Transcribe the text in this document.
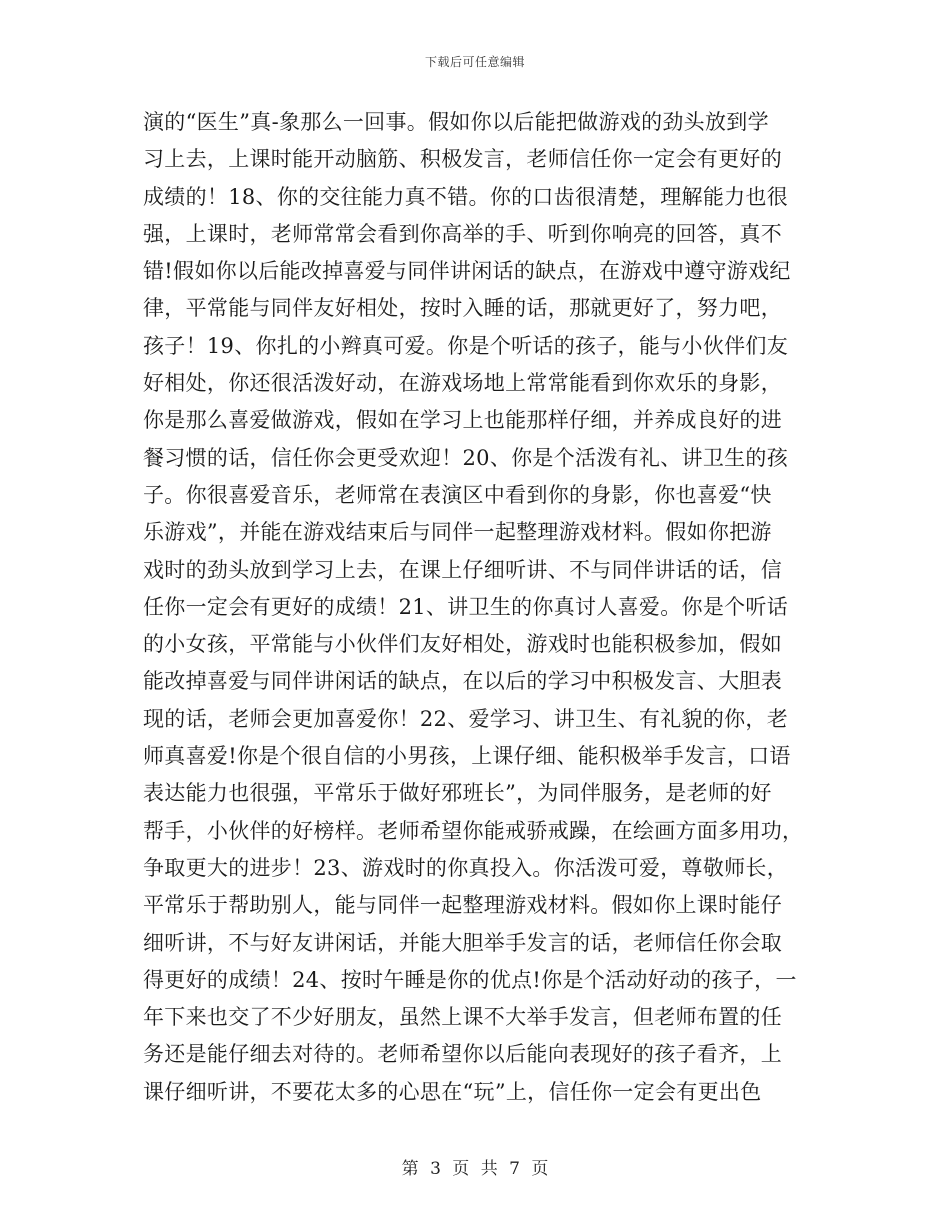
下载后可任意编辑
演的“医生”真-象那么一回事。假如你以后能把做游戏的劲头放到学
习上去，上课时能开动脑筋、积极发言，老师信任你一定会有更好的
成绩的！18、你的交往能力真不错。你的口齿很清楚，理解能力也很
强，上课时，老师常常会看到你高举的手、听到你响亮的回答，真不
错!假如你以后能改掉喜爱与同伴讲闲话的缺点，在游戏中遵守游戏纪
律，平常能与同伴友好相处，按时入睡的话，那就更好了，努力吧，
孩子！19、你扎的小辫真可爱。你是个听话的孩子，能与小伙伴们友
好相处，你还很活泼好动，在游戏场地上常常能看到你欢乐的身影，
你是那么喜爱做游戏，假如在学习上也能那样仔细，并养成良好的进
餐习惯的话，信任你会更受欢迎！20、你是个活泼有礼、讲卫生的孩
子。你很喜爱音乐，老师常在表演区中看到你的身影，你也喜爱“快
乐游戏”，并能在游戏结束后与同伴一起整理游戏材料。假如你把游
戏时的劲头放到学习上去，在课上仔细听讲、不与同伴讲话的话，信
任你一定会有更好的成绩！21、讲卫生的你真讨人喜爱。你是个听话
的小女孩，平常能与小伙伴们友好相处，游戏时也能积极参加，假如
能改掉喜爱与同伴讲闲话的缺点，在以后的学习中积极发言、大胆表
现的话，老师会更加喜爱你！22、爱学习、讲卫生、有礼貌的你，老
师真喜爱!你是个很自信的小男孩，上课仔细、能积极举手发言，口语
表达能力也很强，平常乐于做好邪班长”，为同伴服务，是老师的好
帮手，小伙伴的好榜样。老师希望你能戒骄戒躁，在绘画方面多用功，
争取更大的进步！23、游戏时的你真投入。你活泼可爱，尊敬师长，
平常乐于帮助别人，能与同伴一起整理游戏材料。假如你上课时能仔
细听讲，不与好友讲闲话，并能大胆举手发言的话，老师信任你会取
得更好的成绩！24、按时午睡是你的优点!你是个活动好动的孩子，一
年下来也交了不少好朋友，虽然上课不大举手发言，但老师布置的任
务还是能仔细去对待的。老师希望你以后能向表现好的孩子看齐，上
课仔细听讲，不要花太多的心思在“玩”上，信任你一定会有更出色
第 3 页 共 7 页
